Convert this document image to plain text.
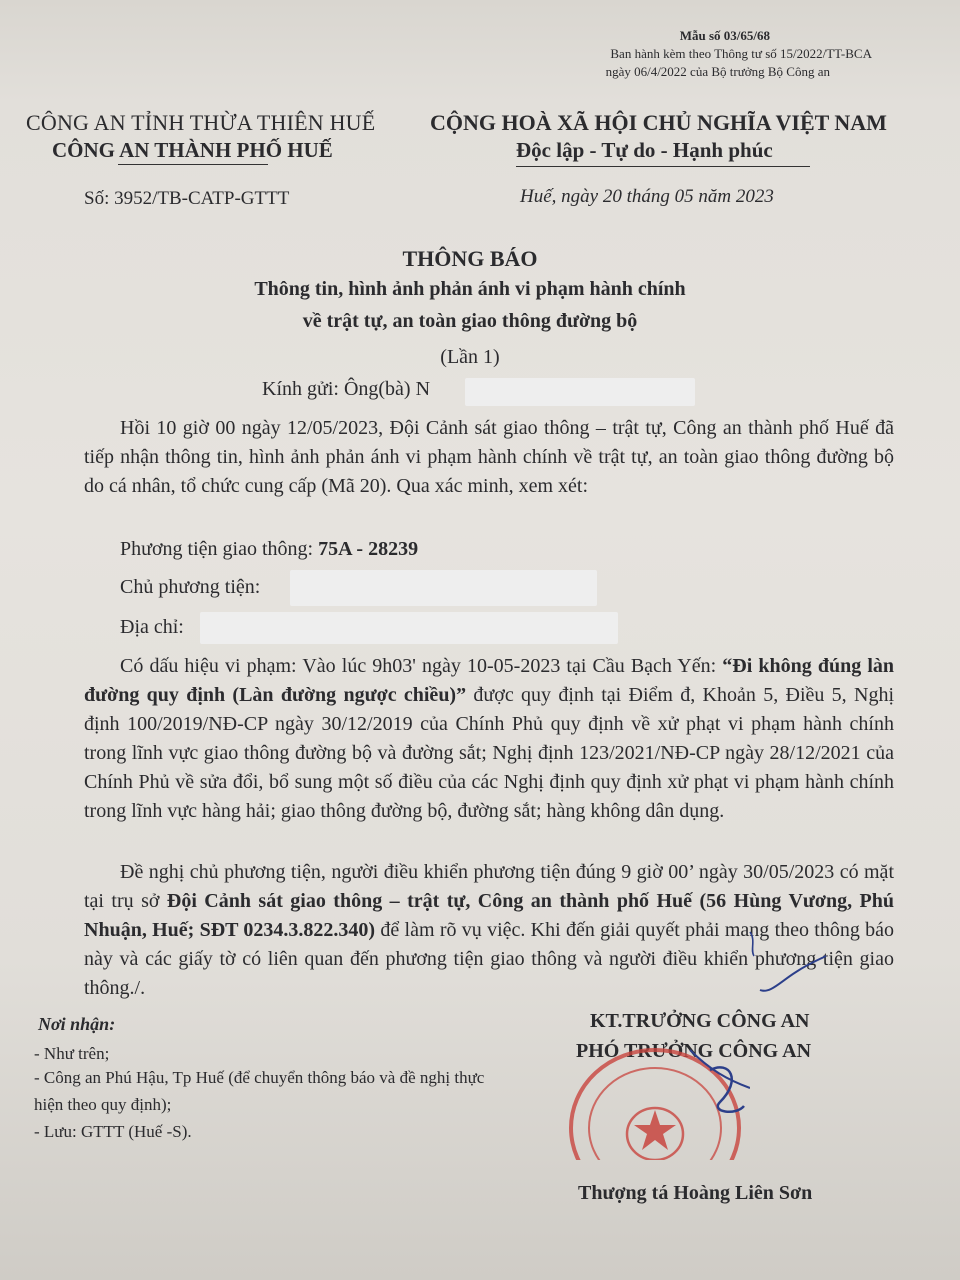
Mẫu số 03/65/68
Ban hành kèm theo Thông tư số 15/2022/TT-BCA
ngày 06/4/2022 của Bộ trưởng Bộ Công an
CÔNG AN TỈNH THỪA THIÊN HUẾ
CÔNG AN THÀNH PHỐ HUẾ
Số: 3952/TB-CATP-GTTT
CỘNG HOÀ XÃ HỘI CHỦ NGHĨA VIỆT NAM
Độc lập - Tự do - Hạnh phúc
Huế, ngày 20 tháng 05 năm 2023
THÔNG BÁO
Thông tin, hình ảnh phản ánh vi phạm hành chính
về trật tự, an toàn giao thông đường bộ
(Lần 1)
Kính gửi: Ông(bà) N
Hồi 10 giờ 00 ngày 12/05/2023, Đội Cảnh sát giao thông – trật tự, Công an thành phố Huế đã tiếp nhận thông tin, hình ảnh phản ánh vi phạm hành chính về trật tự, an toàn giao thông đường bộ do cá nhân, tổ chức cung cấp (Mã 20). Qua xác minh, xem xét:
Phương tiện giao thông: 75A - 28239
Chủ phương tiện:
Địa chỉ:
Có dấu hiệu vi phạm: Vào lúc 9h03' ngày 10-05-2023 tại Cầu Bạch Yến: “Đi không đúng làn đường quy định (Làn đường ngược chiều)” được quy định tại Điểm đ, Khoản 5, Điều 5, Nghị định 100/2019/NĐ-CP ngày 30/12/2019 của Chính Phủ quy định về xử phạt vi phạm hành chính trong lĩnh vực giao thông đường bộ và đường sắt; Nghị định 123/2021/NĐ-CP ngày 28/12/2021 của Chính Phủ về sửa đổi, bổ sung một số điều của các Nghị định quy định xử phạt vi phạm hành chính trong lĩnh vực hàng hải; giao thông đường bộ, đường sắt; hàng không dân dụng.
Đề nghị chủ phương tiện, người điều khiển phương tiện đúng 9 giờ 00’ ngày 30/05/2023 có mặt tại trụ sở Đội Cảnh sát giao thông – trật tự, Công an thành phố Huế (56 Hùng Vương, Phú Nhuận, Huế; SĐT 0234.3.822.340) để làm rõ vụ việc. Khi đến giải quyết phải mang theo thông báo này và các giấy tờ có liên quan đến phương tiện giao thông và người điều khiển phương tiện giao thông./.
Nơi nhận:
- Như trên;
- Công an Phú Hậu, Tp Huế (để chuyển thông báo và đề nghị thực hiện theo quy định);
- Lưu: GTTT (Huế -S).
KT.TRƯỞNG CÔNG AN
PHÓ TRƯỞNG CÔNG AN
Thượng tá Hoàng Liên Sơn
